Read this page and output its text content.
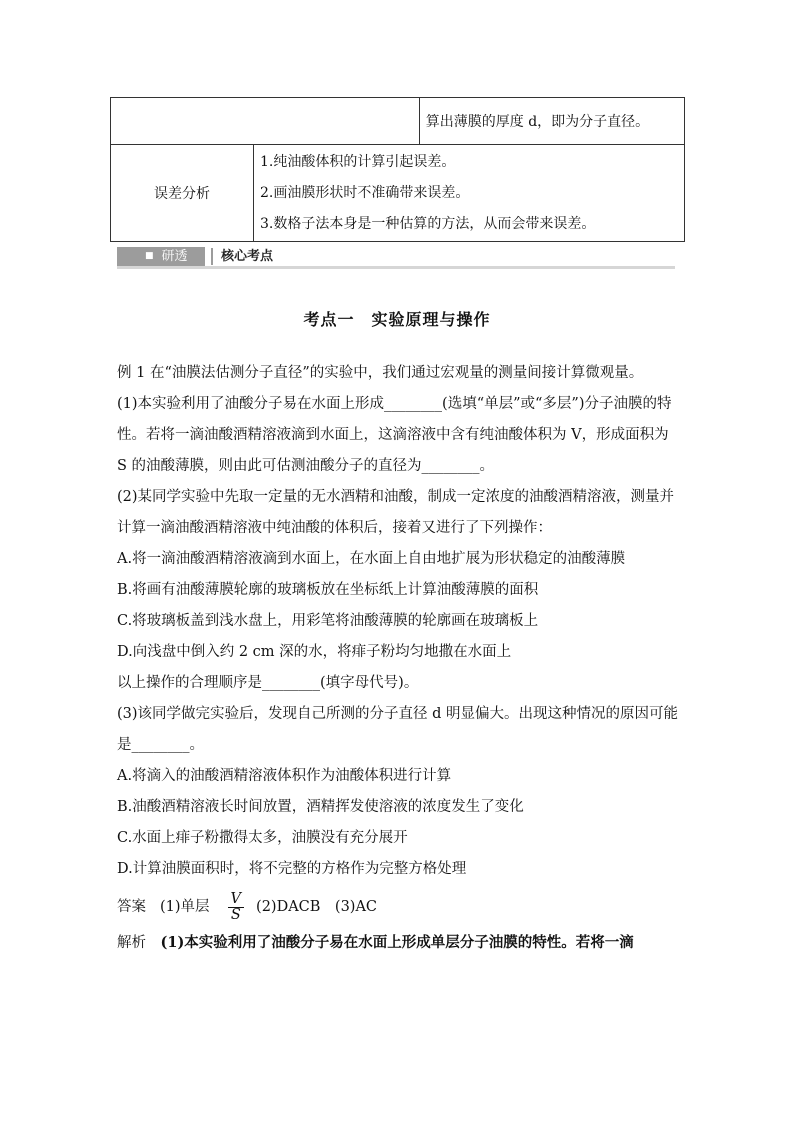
		算出薄膜的厚度 d，即为分子直径。

误差分析	1.纯油酸体积的计算引起误差。
2.画油膜形状时不准确带来误差。
3.数格子法本身是一种估算的方法，从而会带来误差。	
■ 研透	核心考点
考点一　实验原理与操作

例 1 在“油膜法估测分子直径”的实验中，我们通过宏观量的测量间接计算微观量。

(1)本实验利用了油酸分子易在水面上形成________(选填“单层”或“多层”)分子油膜的特性。若将一滴油酸酒精溶液滴到水面上，这滴溶液中含有纯油酸体积为 V，形成面积为 S 的油酸薄膜，则由此可估测油酸分子的直径为________。

(2)某同学实验中先取一定量的无水酒精和油酸，制成一定浓度的油酸酒精溶液，测量并计算一滴油酸酒精溶液中纯油酸的体积后，接着又进行了下列操作：

A.将一滴油酸酒精溶液滴到水面上，在水面上自由地扩展为形状稳定的油酸薄膜

B.将画有油酸薄膜轮廓的玻璃板放在坐标纸上计算油酸薄膜的面积

C.将玻璃板盖到浅水盘上，用彩笔将油酸薄膜的轮廓画在玻璃板上

D.向浅盘中倒入约 2 cm 深的水，将痱子粉均匀地撒在水面上

以上操作的合理顺序是________(填字母代号)。

(3)该同学做完实验后，发现自己所测的分子直径 d 明显偏大。出现这种情况的原因可能是________。

A.将滴入的油酸酒精溶液体积作为油酸体积进行计算

B.油酸酒精溶液长时间放置，酒精挥发使溶液的浓度发生了变化

C.水面上痱子粉撒得太多，油膜没有充分展开

D.计算油膜面积时，将不完整的方格作为完整方格处理

答案 (1)单层 $\frac{V}{S}$ (2)DACB　(3)AC

解析　 (1)本实验利用了油酸分子易在水面上形成单层分子油膜的特性。若将一滴
